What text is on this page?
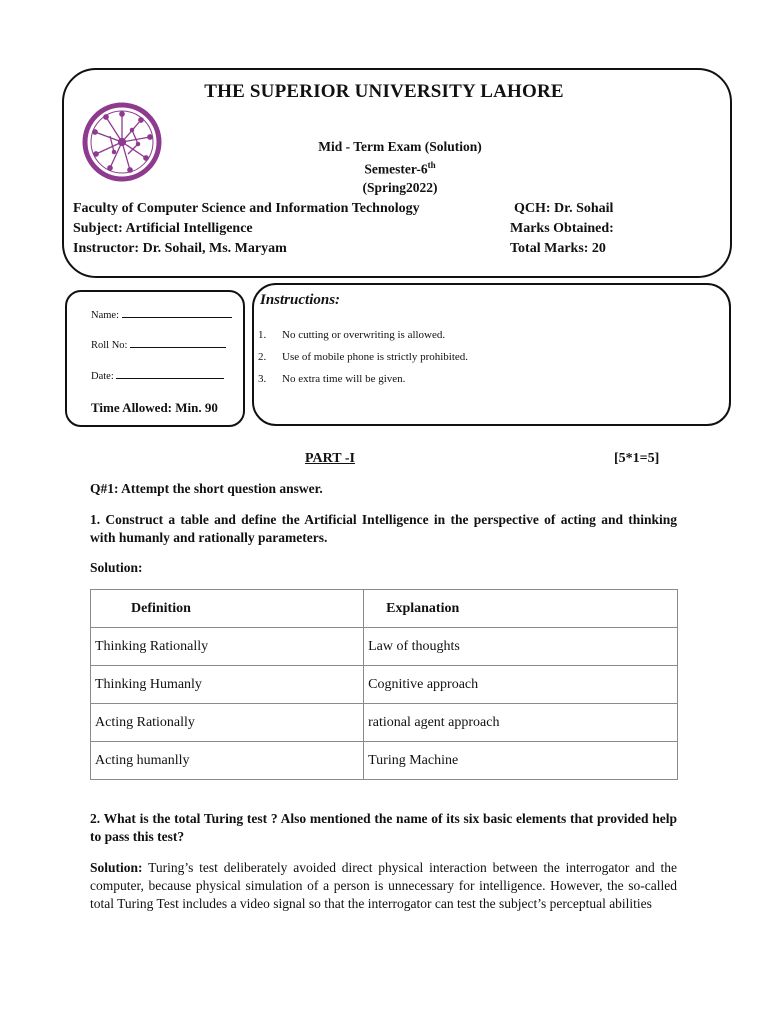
THE SUPERIOR UNIVERSITY LAHORE
Mid - Term Exam (Solution)
Semester-6th
(Spring2022)
Faculty of Computer Science and Information Technology	QCH: Dr. Sohail
Subject: Artificial Intelligence	Marks Obtained:
Instructor: Dr. Sohail, Ms. Maryam	Total Marks: 20
Name:
Roll No:
Date:
Time Allowed: Min. 90
Instructions:
1. No cutting or overwriting is allowed.
2. Use of mobile phone is strictly prohibited.
3. No extra time will be given.
PART -I	[5*1=5]
Q#1: Attempt the short question answer.
1. Construct a table and define the Artificial Intelligence in the perspective of acting and thinking with humanly and rationally parameters.
Solution:
Definition	Explanation
Thinking Rationally	Law of thoughts
Thinking Humanly	Cognitive approach
Acting Rationally	rational agent approach
Acting humanlly	Turing Machine
2. What is the total Turing test ? Also mentioned the name of its six basic elements that provided help to pass this test?
Solution: Turing’s test deliberately avoided direct physical interaction between the interrogator and the computer, because physical simulation of a person is unnecessary for intelligence. However, the so-called total Turing Test includes a video signal so that the interrogator can test the subject’s perceptual abilities
